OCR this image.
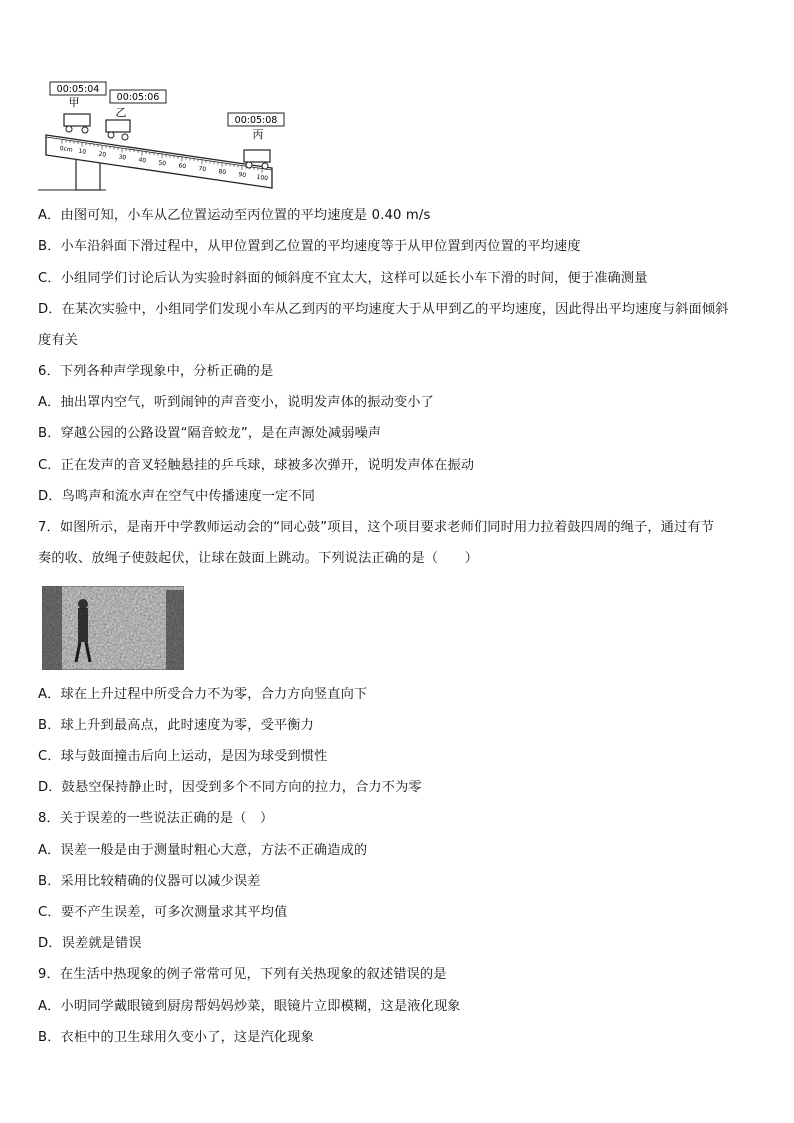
0cm 10 20 30 40 50 60 70 80 90 100
00:05:04
甲	00:05:06
乙
00:05:08
丙
A．由图可知，小车从乙位置运动至丙位置的平均速度是 0.40 m/s
B．小车沿斜面下滑过程中，从甲位置到乙位置的平均速度等于从甲位置到丙位置的平均速度
C．小组同学们讨论后认为实验时斜面的倾斜度不宜太大，这样可以延长小车下滑的时间，便于准确测量
D．在某次实验中，小组同学们发现小车从乙到丙的平均速度大于从甲到乙的平均速度，因此得出平均速度与斜面倾斜
度有关
6．下列各种声学现象中，分析正确的是
A．抽出罩内空气，听到闹钟的声音变小，说明发声体的振动变小了
B．穿越公园的公路设置“隔音蛟龙”，是在声源处减弱噪声
C．正在发声的音叉轻触悬挂的乒乓球，球被多次弹开，说明发声体在振动
D．鸟鸣声和流水声在空气中传播速度一定不同
7．如图所示，是南开中学教师运动会的“同心鼓”项目，这个项目要求老师们同时用力拉着鼓四周的绳子，通过有节
奏的收、放绳子使鼓起伏，让球在鼓面上跳动。下列说法正确的是（　　）
A．球在上升过程中所受合力不为零，合力方向竖直向下
B．球上升到最高点，此时速度为零，受平衡力
C．球与鼓面撞击后向上运动，是因为球受到惯性
D．鼓悬空保持静止时，因受到多个不同方向的拉力，合力不为零
8．关于误差的一些说法正确的是（　）
A．误差一般是由于测量时粗心大意，方法不正确造成的
B．采用比较精确的仪器可以减少误差
C．要不产生误差，可多次测量求其平均值
D．误差就是错误
9．在生活中热现象的例子常常可见，下列有关热现象的叙述错误的是
A．小明同学戴眼镜到厨房帮妈妈炒菜，眼镜片立即模糊，这是液化现象
B．衣柜中的卫生球用久变小了，这是汽化现象
